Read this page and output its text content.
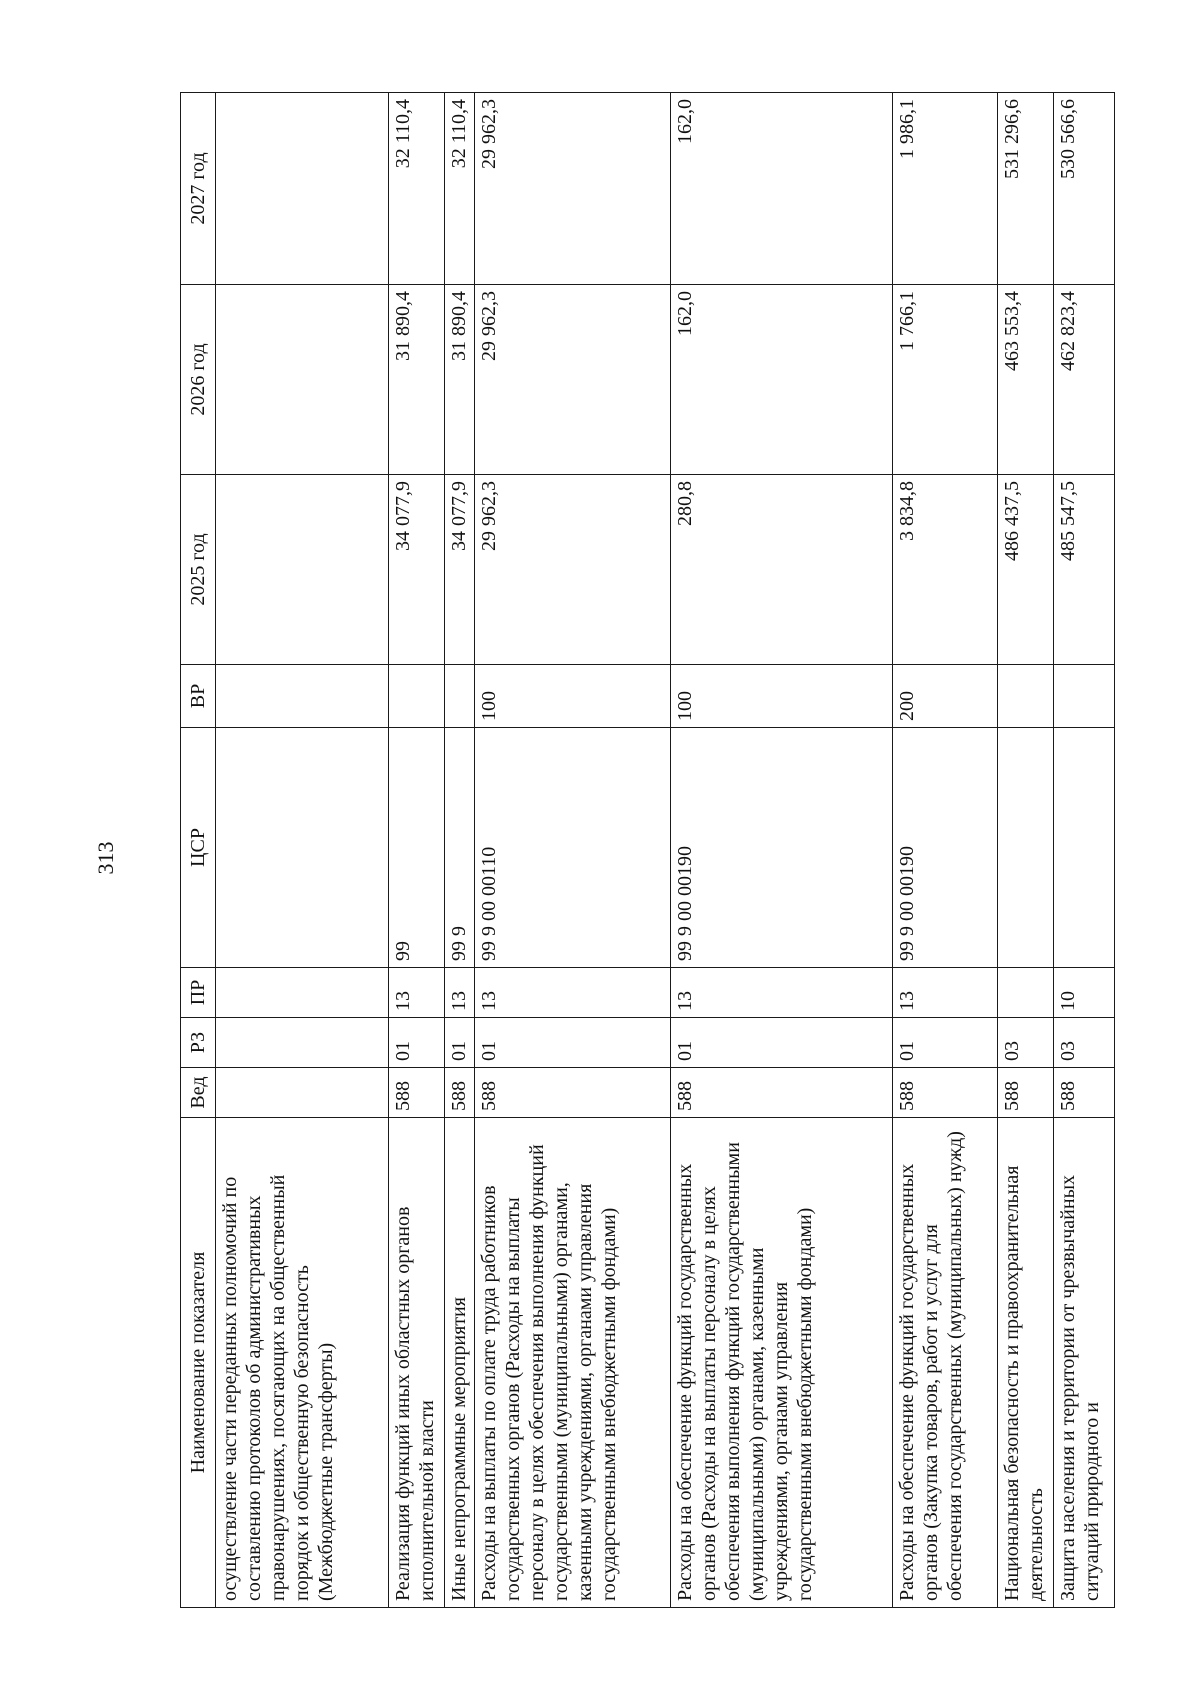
313
Наименование показателя	Вед	РЗ	ПР	ЦСР	ВР	2025 год	2026 год	2027 год
осуществление части переданных полномочий по составлению протоколов об административных правонарушениях, посягающих на общественный порядок и общественную безопасность (Межбюджетные трансферты)								
Реализация функций иных областных органов исполнительной власти	588	01	13	99		34 077,9	31 890,4	32 110,4
Иные непрограммные мероприятия	588	01	13	99 9		34 077,9	31 890,4	32 110,4
Расходы на выплаты по оплате труда работников государственных органов (Расходы на выплаты персоналу в целях обеспечения выполнения функций государственными (муниципальными) органами, казенными учреждениями, органами управления государственными внебюджетными фондами)	588	01	13	99 9 00 00110	100	29 962,3	29 962,3	29 962,3
Расходы на обеспечение функций государственных органов (Расходы на выплаты персоналу в целях обеспечения выполнения функций государственными (муниципальными) органами, казенными учреждениями, органами управления государственными внебюджетными фондами)	588	01	13	99 9 00 00190	100	280,8	162,0	162,0
Расходы на обеспечение функций государственных органов (Закупка товаров, работ и услуг для обеспечения государственных (муниципальных) нужд)	588	01	13	99 9 00 00190	200	3 834,8	1 766,1	1 986,1
Национальная безопасность и правоохранительная деятельность	588	03				486 437,5	463 553,4	531 296,6
Защита населения и территории от чрезвычайных ситуаций природного и	588	03	10			485 547,5	462 823,4	530 566,6
